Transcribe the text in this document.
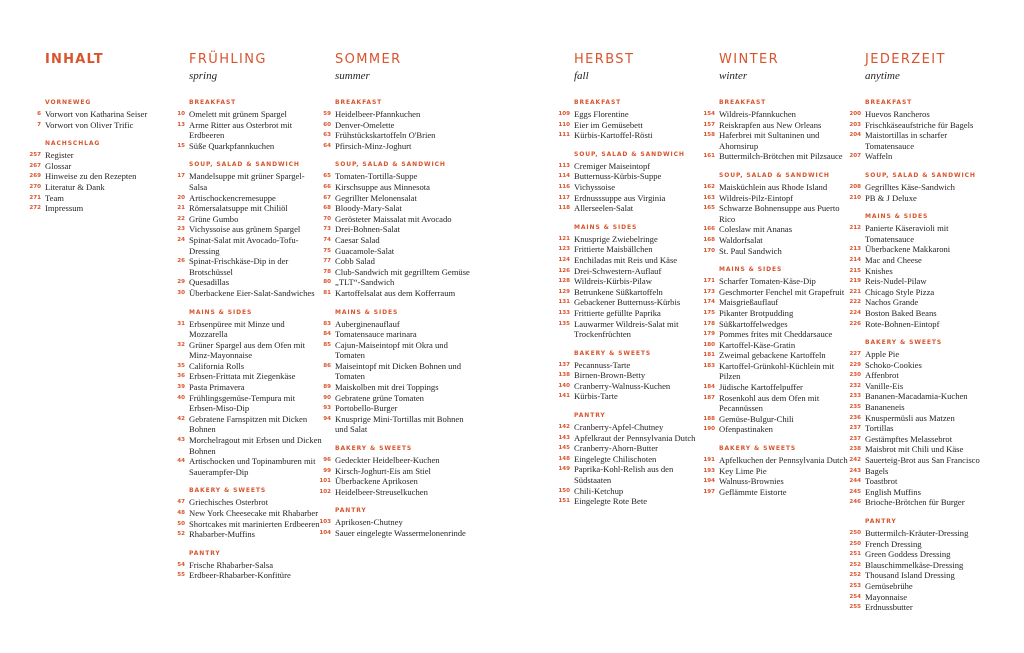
INHALT
VORNEWEG
6 Vorwort von Katharina Seiser
7 Vorwort von Oliver Trific
NACHSCHLAG
257 Register
267 Glossar
269 Hinweise zu den Rezepten
270 Literatur & Dank
271 Team
272 Impressum
FRÜHLING
spring
BREAKFAST
10 Omelett mit grünem Spargel
13 Arme Ritter aus Osterbrot mit Erdbeeren
15 Süße Quarkpfannkuchen
SOUP, SALAD & SANDWICH
17 Mandelsuppe mit grüner Spargel-Salsa
20 Artischockencremesuppe
21 Römersalatsuppe mit Chiliöl
22 Grüne Gumbo
23 Vichyssoise aus grünem Spargel
24 Spinat-Salat mit Avocado-Tofu-Dressing
26 Spinat-Frischkäse-Dip in der Brotschüssel
29 Quesadillas
30 Überbackene Eier-Salat-Sandwiches
MAINS & SIDES
31 Erbsenpüree mit Minze und Mozzarella
32 Grüner Spargel aus dem Ofen mit Minz-Mayonnaise
35 California Rolls
36 Erbsen-Frittata mit Ziegenkäse
39 Pasta Primavera
40 Frühlingsgemüse-Tempura mit Erbsen-Miso-Dip
42 Gebratene Farnspitzen mit Dicken Bohnen
43 Morchelragout mit Erbsen und Dicken Bohnen
44 Artischocken und Topinamburen mit Sauerampfer-Dip
BAKERY & SWEETS
47 Griechisches Osterbrot
48 New York Cheesecake mit Rhabarber
50 Shortcakes mit marinierten Erdbeeren
52 Rhabarber-Muffins
PANTRY
54 Frische Rhabarber-Salsa
55 Erdbeer-Rhabarber-Konfitüre
SOMMER
summer
BREAKFAST
59 Heidelbeer-Pfannkuchen
60 Denver-Omelette
63 Frühstückskartoffeln O'Brien
64 Pfirsich-Minz-Joghurt
SOUP, SALAD & SANDWICH
65 Tomaten-Tortilla-Suppe
66 Kirschsuppe aus Minnesota
67 Gegrillter Melonensalat
68 Bloody-Mary-Salat
70 Gerösteter Maissalat mit Avocado
73 Drei-Bohnen-Salat
74 Caesar Salad
75 Guacamole-Salat
77 Cobb Salad
78 Club-Sandwich mit gegrilltem Gemüse
80 „TLT“-Sandwich
81 Kartoffelsalat aus dem Kofferraum
MAINS & SIDES
83 Auberginenauflauf
84 Tomatensauce marinara
85 Cajun-Maiseintopf mit Okra und Tomaten
86 Maiseintopf mit Dicken Bohnen und Tomaten
89 Maiskolben mit drei Toppings
90 Gebratene grüne Tomaten
93 Portobello-Burger
94 Knusprige Mini-Tortillas mit Bohnen und Salat
BAKERY & SWEETS
96 Gedeckter Heidelbeer-Kuchen
99 Kirsch-Joghurt-Eis am Stiel
101 Überbackene Aprikosen
102 Heidelbeer-Streuselkuchen
PANTRY
103 Aprikosen-Chutney
104 Sauer eingelegte Wassermelonenrinde
HERBST
fall
BREAKFAST
109 Eggs Florentine
110 Eier im Gemüsebett
111 Kürbis-Kartoffel-Rösti
SOUP, SALAD & SANDWICH
113 Cremiger Maiseintopf
114 Butternuss-Kürbis-Suppe
116 Vichyssoise
117 Erdnusssuppe aus Virginia
118 Allerseelen-Salat
MAINS & SIDES
121 Knusprige Zwiebelringe
123 Frittierte Maisbällchen
124 Enchiladas mit Reis und Käse
126 Drei-Schwestern-Auflauf
128 Wildreis-Kürbis-Pilaw
129 Betrunkene Süßkartoffeln
131 Gebackener Butternuss-Kürbis
133 Frittierte gefüllte Paprika
135 Lauwarmer Wildreis-Salat mit Trockenfrüchten
BAKERY & SWEETS
137 Pecannuss-Tarte
138 Birnen-Brown-Betty
140 Cranberry-Walnuss-Kuchen
141 Kürbis-Tarte
PANTRY
142 Cranberry-Apfel-Chutney
143 Apfelkraut der Pennsylvania Dutch
145 Cranberry-Ahorn-Butter
148 Eingelegte Chilischoten
149 Paprika-Kohl-Relish aus den Südstaaten
150 Chili-Ketchup
151 Eingelegte Rote Bete
WINTER
winter
BREAKFAST
154 Wildreis-Pfannkuchen
157 Reiskrapfen aus New Orleans
158 Haferbrei mit Sultaninen und Ahornsirup
161 Buttermilch-Brötchen mit Pilzsauce
SOUP, SALAD & SANDWICH
162 Maisküchlein aus Rhode Island
163 Wildreis-Pilz-Eintopf
165 Schwarze Bohnensuppe aus Puerto Rico
166 Coleslaw mit Ananas
168 Waldorfsalat
170 St. Paul Sandwich
MAINS & SIDES
171 Scharfer Tomaten-Käse-Dip
173 Geschmorter Fenchel mit Grapefruit
174 Maisgrießauflauf
175 Pikanter Brotpudding
178 Süßkartoffelwedges
179 Pommes frites mit Cheddarsauce
180 Kartoffel-Käse-Gratin
181 Zweimal gebackene Kartoffeln
183 Kartoffel-Grünkohl-Küchlein mit Pilzen
184 Jüdische Kartoffelpuffer
187 Rosenkohl aus dem Ofen mit Pecannüssen
188 Gemüse-Bulgur-Chili
190 Ofenpastinaken
BAKERY & SWEETS
191 Apfelkuchen der Pennsylvania Dutch
193 Key Lime Pie
194 Walnuss-Brownies
197 Geflämmte Eistorte
JEDERZEIT
anytime
BREAKFAST
200 Huevos Rancheros
203 Frischkäseaufstriche für Bagels
204 Maistortillas in scharfer Tomatensauce
207 Waffeln
SOUP, SALAD & SANDWICH
208 Gegrilltes Käse-Sandwich
210 PB & J Deluxe
MAINS & SIDES
212 Panierte Käseravioli mit Tomatensauce
213 Überbackene Makkaroni
214 Mac and Cheese
215 Knishes
219 Reis-Nudel-Pilaw
221 Chicago Style Pizza
222 Nachos Grande
224 Boston Baked Beans
226 Rote-Bohnen-Eintopf
BAKERY & SWEETS
227 Apple Pie
229 Schoko-Cookies
230 Affenbrot
232 Vanille-Eis
233 Bananen-Macadamia-Kuchen
235 Bananeneis
236 Knuspermüsli aus Matzen
237 Tortillas
237 Gestämpftes Melassebrot
238 Maisbrot mit Chili und Käse
242 Sauerteig-Brot aus San Francisco
243 Bagels
244 Toastbrot
245 English Muffins
246 Brioche-Brötchen für Burger
PANTRY
250 Buttermilch-Kräuter-Dressing
250 French Dressing
251 Green Goddess Dressing
252 Blauschimmelkäse-Dressing
252 Thousand Island Dressing
253 Gemüsebrühe
254 Mayonnaise
255 Erdnussbutter
